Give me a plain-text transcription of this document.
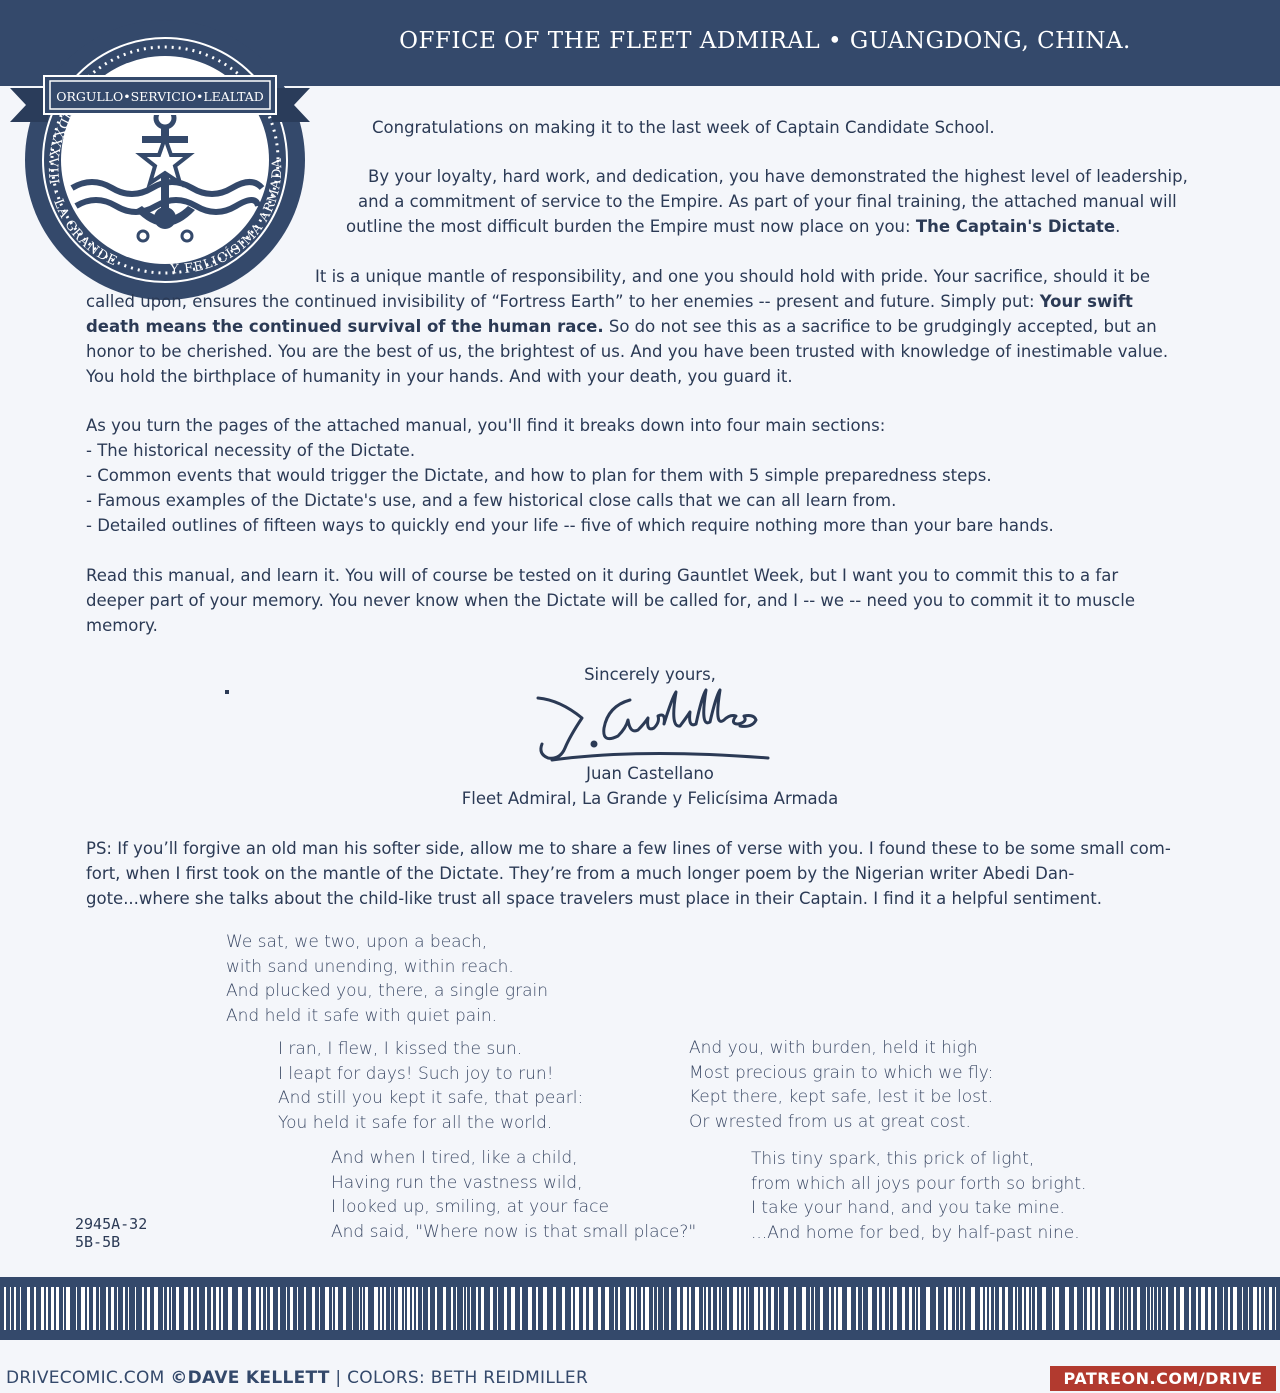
OFFICE OF THE FLEET ADMIRAL • GUANGDONG, CHINA.
DXXXVIII - LA GRANDE
Y FELICÍSIMA ARMADA
ORGULLO•SERVICIO•LEALTAD

Congratulations on making it to the last week of Captain Candidate School.

By your loyalty, hard work, and dedication, you have demonstrated the highest level of leadership,

and a commitment of service to the Empire. As part of your final training, the attached manual will

outline the most difficult burden the Empire must now place on you: The Captain's Dictate.

It is a unique mantle of responsibility, and one you should hold with pride. Your sacrifice, should it be

called upon, ensures the continued invisibility of “Fortress Earth” to her enemies -- present and future. Simply put: Your swift

death means the continued survival of the human race. So do not see this as a sacrifice to be grudgingly accepted, but an

honor to be cherished. You are the best of us, the brightest of us. And you have been trusted with knowledge of inestimable value.

You hold the birthplace of humanity in your hands. And with your death, you guard it.

As you turn the pages of the attached manual, you'll find it breaks down into four main sections:

- The historical necessity of the Dictate.

- Common events that would trigger the Dictate, and how to plan for them with 5 simple preparedness steps.

- Famous examples of the Dictate's use, and a few historical close calls that we can all learn from.

- Detailed outlines of fifteen ways to quickly end your life -- five of which require nothing more than your bare hands.

Read this manual, and learn it. You will of course be tested on it during Gauntlet Week, but I want you to commit this to a far

deeper part of your memory. You never know when the Dictate will be called for, and I -- we -- need you to commit it to muscle

memory.

Sincerely yours,
Juan Castellano
Fleet Admiral, La Grande y Felicísima Armada

PS: If you’ll forgive an old man his softer side, allow me to share a few lines of verse with you. I found these to be some small com-

fort, when I first took on the mantle of the Dictate. They’re from a much longer poem by the Nigerian writer Abedi Dan-

gote...where she talks about the child-like trust all space travelers must place in their Captain. I find it a helpful sentiment.

We sat, we two, upon a beach,
with sand unending, within reach.
And plucked you, there, a single grain
And held it safe with quiet pain.
I ran, I flew, I kissed the sun.
I leapt for days! Such joy to run!
And still you kept it safe, that pearl:
You held it safe for all the world.
And when I tired, like a child,
Having run the vastness wild,
I looked up, smiling, at your face
And said, "Where now is that small place?"
And you, with burden, held it high
Most precious grain to which we fly:
Kept there, kept safe, lest it be lost.
Or wrested from us at great cost.
This tiny spark, this prick of light,
from which all joys pour forth so bright.
I take your hand, and you take mine.
...And home for bed, by half-past nine.
2945A-32
5B-5B
DRIVECOMIC.COM ©DAVE KELLETT | COLORS: BETH REIDMILLER	PATREON.COM/DRIVE
